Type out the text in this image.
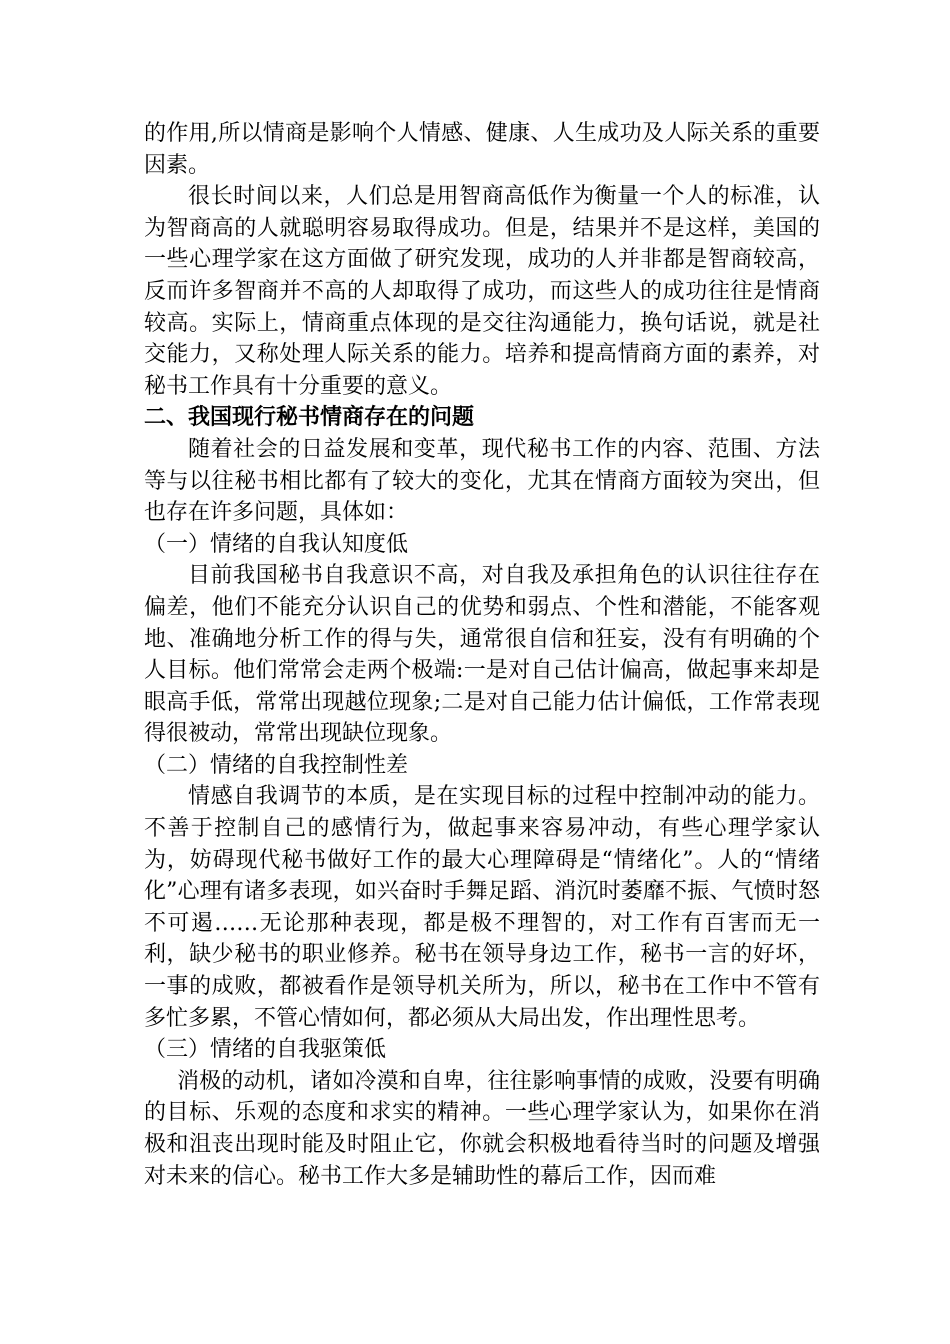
的作用,所以情商是影响个人情感、健康、人生成功及人际关系的重要因素。

很长时间以来，人们总是用智商高低作为衡量一个人的标准，认为智商高的人就聪明容易取得成功。但是，结果并不是这样，美国的一些心理学家在这方面做了研究发现，成功的人并非都是智商较高，反而许多智商并不高的人却取得了成功，而这些人的成功往往是情商较高。实际上，情商重点体现的是交往沟通能力，换句话说，就是社交能力，又称处理人际关系的能力。培养和提高情商方面的素养，对秘书工作具有十分重要的意义。

二、我国现行秘书情商存在的问题

随着社会的日益发展和变革，现代秘书工作的内容、范围、方法等与以往秘书相比都有了较大的变化，尤其在情商方面较为突出，但也存在许多问题，具体如：

（一）情绪的自我认知度低

目前我国秘书自我意识不高，对自我及承担角色的认识往往存在偏差，他们不能充分认识自己的优势和弱点、个性和潜能，不能客观地、准确地分析工作的得与失，通常很自信和狂妄，没有有明确的个人目标。他们常常会走两个极端:一是对自己估计偏高，做起事来却是眼高手低，常常出现越位现象;二是对自己能力估计偏低，工作常表现得很被动，常常出现缺位现象。

（二）情绪的自我控制性差

情感自我调节的本质，是在实现目标的过程中控制冲动的能力。不善于控制自己的感情行为，做起事来容易冲动，有些心理学家认为，妨碍现代秘书做好工作的最大心理障碍是“情绪化”。人的“情绪化”心理有诸多表现，如兴奋时手舞足蹈、消沉时萎靡不振、气愤时怒不可遏……无论那种表现，都是极不理智的，对工作有百害而无一利，缺少秘书的职业修养。秘书在领导身边工作，秘书一言的好坏，一事的成败，都被看作是领导机关所为，所以，秘书在工作中不管有多忙多累，不管心情如何，都必须从大局出发，作出理性思考。

（三）情绪的自我驱策低

消极的动机，诸如冷漠和自卑，往往影响事情的成败，没要有明确的目标、乐观的态度和求实的精神。一些心理学家认为，如果你在消极和沮丧出现时能及时阻止它，你就会积极地看待当时的问题及增强对未来的信心。秘书工作大多是辅助性的幕后工作，因而难
